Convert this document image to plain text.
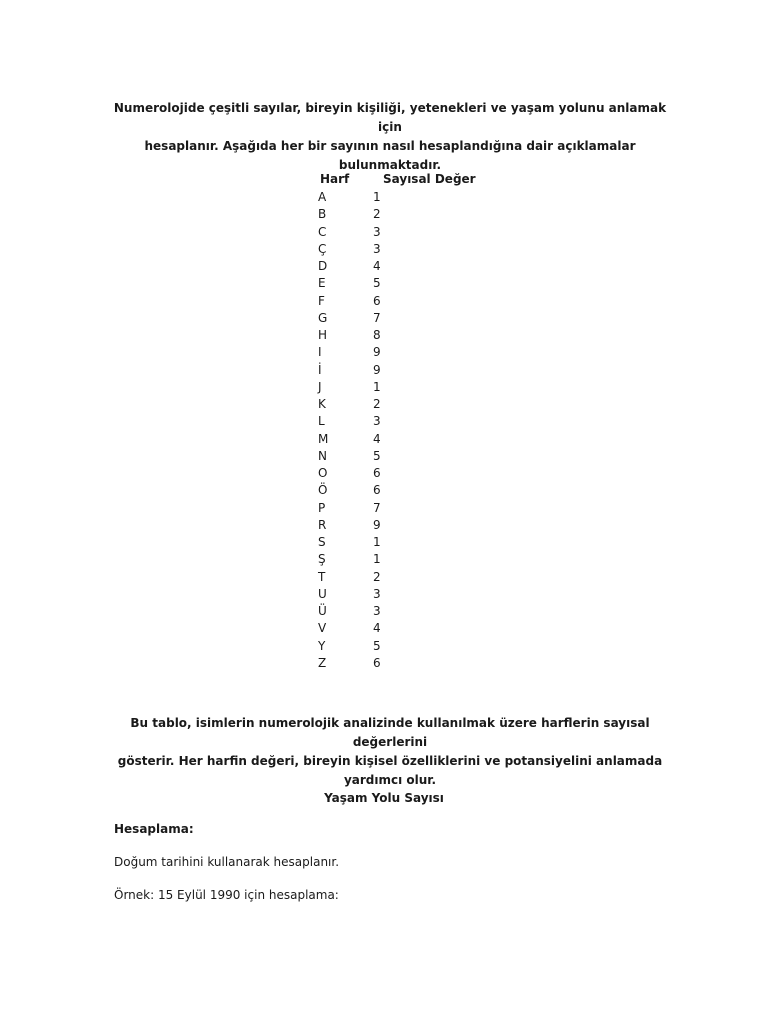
Numerolojide çeşitli sayılar, bireyin kişiliği, yetenekleri ve yaşam yolunu anlamak için
hesaplanır. Aşağıda her bir sayının nasıl hesaplandığına dair açıklamalar bulunmaktadır.
Harf	Sayısal Değer
A	1
B	2
C	3
Ç	3
D	4
E	5
F	6
G	7
H	8
I	9
İ	9
J	1
K	2
L	3
M	4
N	5
O	6
Ö	6
P	7
R	9
S	1
Ş	1
T	2
U	3
Ü	3
V	4
Y	5
Z	6
Bu tablo, isimlerin numerolojik analizinde kullanılmak üzere harflerin sayısal değerlerini
gösterir. Her harfin değeri, bireyin kişisel özelliklerini ve potansiyelini anlamada yardımcı olur.
Yaşam Yolu Sayısı
Hesaplama:
Doğum tarihini kullanarak hesaplanır.
Örnek: 15 Eylül 1990 için hesaplama:
